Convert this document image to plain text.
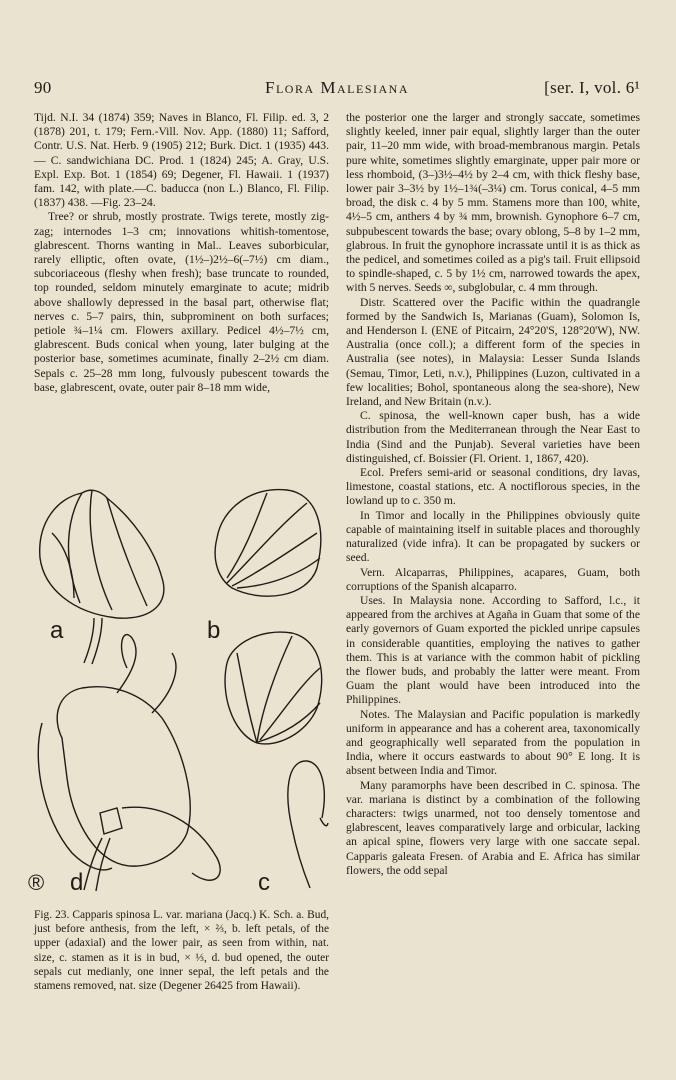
90	Flora Malesiana	[ser. I, vol. 6¹

Tijd. N.I. 34 (1874) 359; Naves in Blanco, Fl. Filip. ed. 3, 2 (1878) 201, t. 179; Fern.-Vill. Nov. App. (1880) 11; Safford, Contr. U.S. Nat. Herb. 9 (1905) 212; Burk. Dict. 1 (1935) 443.— C. sandwichiana DC. Prod. 1 (1824) 245; A. Gray, U.S. Expl. Exp. Bot. 1 (1854) 69; Degener, Fl. Hawaii. 1 (1937) fam. 142, with plate.—C. baducca (non L.) Blanco, Fl. Filip. (1837) 438. —Fig. 23–24.

Tree? or shrub, mostly prostrate. Twigs terete, mostly zig-zag; internodes 1–3 cm; innovations whitish-tomentose, glabrescent. Thorns wanting in Mal.. Leaves suborbicular, rarely elliptic, often ovate, (1½–)2½–6(–7½) cm diam., subcoriaceous (fleshy when fresh); base truncate to rounded, top rounded, seldom minutely emarginate to acute; midrib above shallowly depressed in the basal part, otherwise flat; nerves c. 5–7 pairs, thin, subprominent on both surfaces; petiole ¾–1¼ cm. Flowers axillary. Pedicel 4½–7½ cm, glabrescent. Buds conical when young, later bulging at the posterior base, sometimes acuminate, finally 2–2½ cm diam. Sepals c. 25–28 mm long, fulvously pubescent towards the base, glabrescent, ovate, outer pair 8–18 mm wide,

a	b
c
d
®

Fig. 23. Capparis spinosa L. var. mariana (Jacq.) K. Sch. a. Bud, just before anthesis, from the left, × ⅔, b. left petals, of the upper (adaxial) and the lower pair, as seen from within, nat. size, c. stamen as it is in bud, × ⅓, d. bud opened, the outer sepals cut medianly, one inner sepal, the left petals and the stamens removed, nat. size (Degener 26425 from Hawaii).

the posterior one the larger and strongly saccate, sometimes slightly keeled, inner pair equal, slightly larger than the outer pair, 11–20 mm wide, with broad-membranous margin. Petals pure white, sometimes slightly emarginate, upper pair more or less rhomboid, (3–)3½–4½ by 2–4 cm, with thick fleshy base, lower pair 3–3½ by 1½–1¾(–3¼) cm. Torus conical, 4–5 mm broad, the disk c. 4 by 5 mm. Stamens more than 100, white, 4½–5 cm, anthers 4 by ¾ mm, brownish. Gynophore 6–7 cm, subpubescent towards the base; ovary oblong, 5–8 by 1–2 mm, glabrous. In fruit the gynophore incrassate until it is as thick as the pedicel, and sometimes coiled as a pig's tail. Fruit ellipsoid to spindle-shaped, c. 5 by 1½ cm, narrowed towards the apex, with 5 nerves. Seeds ∞, subglobular, c. 4 mm through.

Distr. Scattered over the Pacific within the quadrangle formed by the Sandwich Is, Marianas (Guam), Solomon Is, and Henderson I. (ENE of Pitcairn, 24°20'S, 128°20'W), NW. Australia (once coll.); a different form of the species in Australia (see notes), in Malaysia: Lesser Sunda Islands (Semau, Timor, Leti, n.v.), Philippines (Luzon, cultivated in a few localities; Bohol, spontaneous along the sea-shore), New Ireland, and New Britain (n.v.).

C. spinosa, the well-known caper bush, has a wide distribution from the Mediterranean through the Near East to India (Sind and the Punjab). Several varieties have been distinguished, cf. Boissier (Fl. Orient. 1, 1867, 420).

Ecol. Prefers semi-arid or seasonal conditions, dry lavas, limestone, coastal stations, etc. A noctiflorous species, in the lowland up to c. 350 m.

In Timor and locally in the Philippines obviously quite capable of maintaining itself in suitable places and thoroughly naturalized (vide infra). It can be propagated by suckers or seed.

Vern. Alcaparras, Philippines, acapares, Guam, both corruptions of the Spanish alcaparro.

Uses. In Malaysia none. According to Safford, l.c., it appeared from the archives at Agaña in Guam that some of the early governors of Guam exported the pickled unripe capsules in considerable quantities, employing the natives to gather them. This is at variance with the common habit of pickling the flower buds, and probably the latter were meant. From Guam the plant would have been introduced into the Philippines.

Notes. The Malaysian and Pacific population is markedly uniform in appearance and has a coherent area, taxonomically and geographically well separated from the population in India, where it occurs eastwards to about 90° E long. It is absent between India and Timor.

Many paramorphs have been described in C. spinosa. The var. mariana is distinct by a combination of the following characters: twigs unarmed, not too densely tomentose and glabrescent, leaves comparatively large and orbicular, lacking an apical spine, flowers very large with one saccate sepal. Capparis galeata Fresen. of Arabia and E. Africa has similar flowers, the odd sepal
